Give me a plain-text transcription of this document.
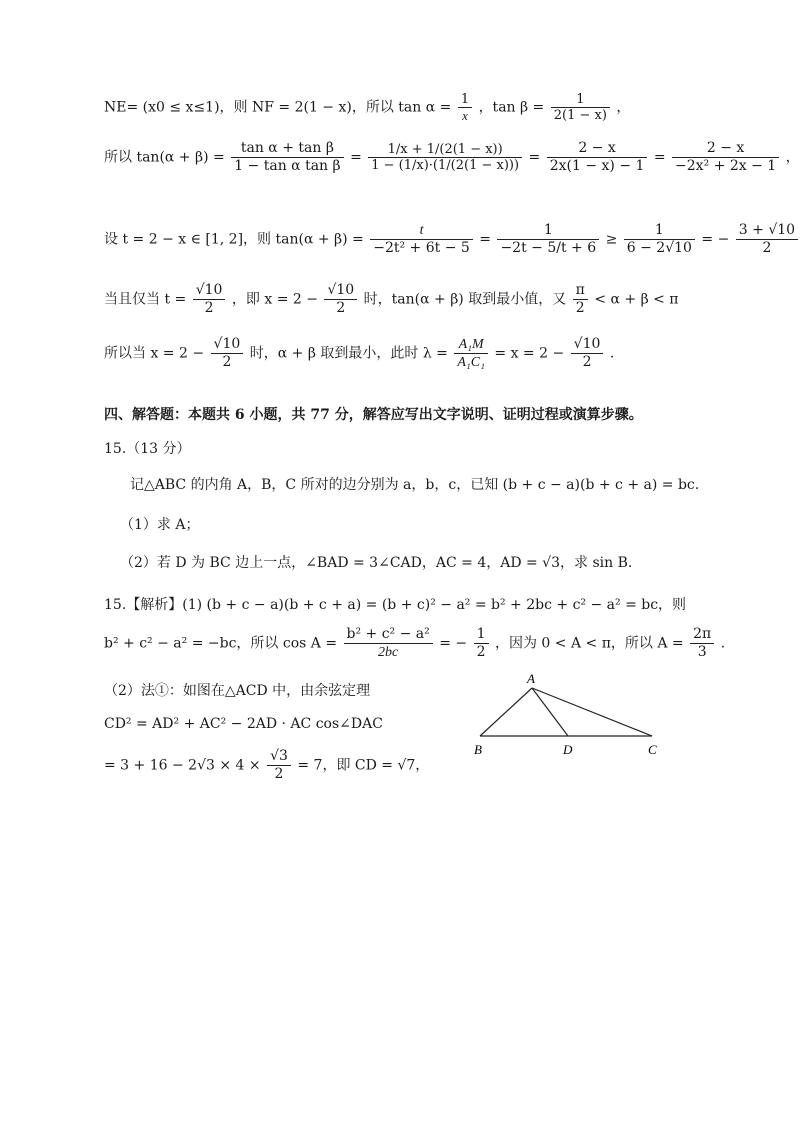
NE= (x0 ≤ x≤1)，则 NF = 2(1 − x)，所以 $\tan \alpha = \frac{1}{x}$ ，$\tan \beta = \frac{1}{2(1 - x)}$ ，
所以 $\tan(\alpha + \beta) = \frac{\text{tan α + tan β}}{\text{1 − tan α tan β}} = \frac{1/x + 1/(2(1 - x))}{1 - (1/x)\cdot(1/(2(1 - x)))} = \frac{2 - x}{2x(1 - x) - 1} = \frac{2 - x}{\text{−2x² + 2x − 1}}$ ，
设 t = 2 − x ∈ [1, 2]，则 $\tan(\alpha + \beta) = \frac{t}{\text{−2t² + 6t − 5}} = \frac{1}{-2t - 5/t + 6} \ge \frac{1}{6 - 2√10}$ = − $\frac{3 + √10}{2}$
当且仅当 $t = \frac{√10}{2}$ ，即 $x = 2 - \frac{√10}{2}$ 时，tan(α + β) 取到最小值，又 $\frac{\pi}{2} < \alpha + \beta < \pi$
所以当 $x = 2 - \frac{√10}{2}$ 时，α + β 取到最小，此时 $\lambda = \frac{\text{A₁M}}{\text{A₁C₁}} = x = 2 - \frac{√10}{2}$ .
四、解答题：本题共 6 小题，共 77 分，解答应写出文字说明、证明过程或演算步骤。
15.（13 分）
记△ABC 的内角 A，B，C 所对的边分别为 a，b，c，已知 (b + c − a)(b + c + a) = bc.
（1）求 A；
（2）若 D 为 BC 边上一点，∠BAD = 3∠CAD，AC = 4，AD = √3，求 sin B.
15.【解析】(1) (b + c − a)(b + c + a) = (b + c)² − a² = b² + 2bc + c² − a² = bc，则
b² + c² − a² = −bc，所以 $\cos A = \frac{\text{b² + c² − a²}}{2bc}$ = − $\frac{1}{2}$ ，因为 0 < A < π，所以 $A = \frac{2\pi}{3}$ .
（2）法①：如图在△ACD 中，由余弦定理
CD² = AD² + AC² − 2AD · AC cos∠DAC
= $3 + 16 - 2√3 \times 4 \times \frac{√3}{2} = 7$，即 CD = √7，
A
B	D	C
